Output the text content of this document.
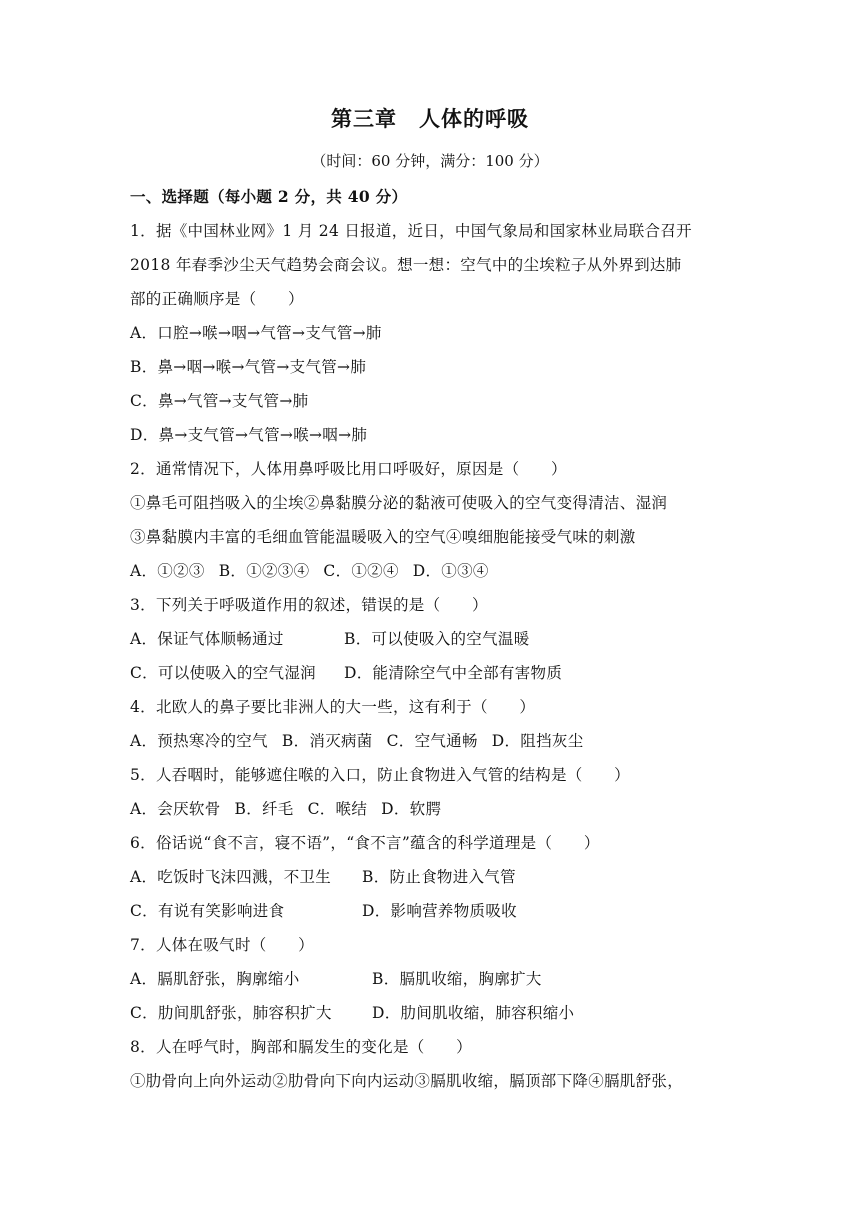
第三章　人体的呼吸
（时间：60 分钟，满分：100 分）
一、选择题（每小题 2 分，共 40 分）
1．据《中国林业网》1 月 24 日报道，近日，中国气象局和国家林业局联合召开
2018 年春季沙尘天气趋势会商会议。想一想：空气中的尘埃粒子从外界到达肺
部的正确顺序是（　　）
A．口腔→喉→咽→气管→支气管→肺
B．鼻→咽→喉→气管→支气管→肺
C．鼻→气管→支气管→肺
D．鼻→支气管→气管→喉→咽→肺
2．通常情况下，人体用鼻呼吸比用口呼吸好，原因是（　　）
①鼻毛可阻挡吸入的尘埃②鼻黏膜分泌的黏液可使吸入的空气变得清洁、湿润
③鼻黏膜内丰富的毛细血管能温暖吸入的空气④嗅细胞能接受气味的刺激
A．①②③ B．①②③④ C．①②④ D．①③④
3．下列关于呼吸道作用的叙述，错误的是（　　）
A．保证气体顺畅通过	B．可以使吸入的空气温暖
C．可以使吸入的空气湿润	D．能清除空气中全部有害物质
4．北欧人的鼻子要比非洲人的大一些，这有利于（　　）
A．预热寒冷的空气 B．消灭病菌 C．空气通畅 D．阻挡灰尘
5．人吞咽时，能够遮住喉的入口，防止食物进入气管的结构是（　　）
A．会厌软骨 B．纤毛 C．喉结 D．软腭
6．俗话说“食不言，寝不语”，“食不言”蕴含的科学道理是（　　）
A．吃饭时飞沫四溅，不卫生	B．防止食物进入气管
C．有说有笑影响进食	D．影响营养物质吸收
7．人体在吸气时（　　）
A．膈肌舒张，胸廓缩小	B．膈肌收缩，胸廓扩大
C．肋间肌舒张，肺容积扩大	D．肋间肌收缩，肺容积缩小
8．人在呼气时，胸部和膈发生的变化是（　　）
①肋骨向上向外运动②肋骨向下向内运动③膈肌收缩，膈顶部下降④膈肌舒张，
